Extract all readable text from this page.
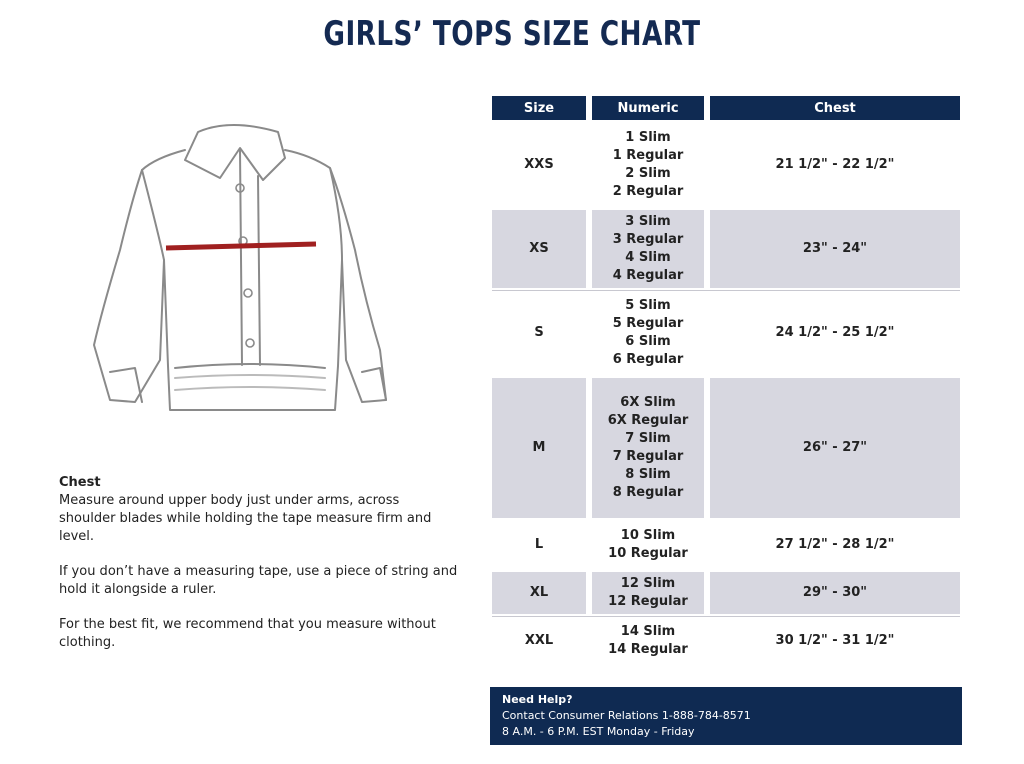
GIRLS’ TOPS SIZE CHART
Chest

Measure around upper body just under arms, across shoulder blades while holding the tape measure firm and level.

If you don’t have a measuring tape, use a piece of string and hold it alongside a ruler.

For the best fit, we recommend that you measure without clothing.

Size	Numeric	Chest
XXS
1 Slim
1 Regular
2 Slim
2 Regular
21 1/2" - 22 1/2"
XS
3 Slim
3 Regular
4 Slim
4 Regular
23" - 24"
S
5 Slim
5 Regular
6 Slim
6 Regular
24 1/2" - 25 1/2"
M
6X Slim
6X Regular
7 Slim
7 Regular
8 Slim
8 Regular
26" - 27"
L
10 Slim
10 Regular
27 1/2" - 28 1/2"
XL
12 Slim
12 Regular
29" - 30"
XXL
14 Slim
14 Regular
30 1/2" - 31 1/2"
Need Help?
Contact Consumer Relations 1-888-784-8571
8 A.M. - 6 P.M. EST Monday - Friday
